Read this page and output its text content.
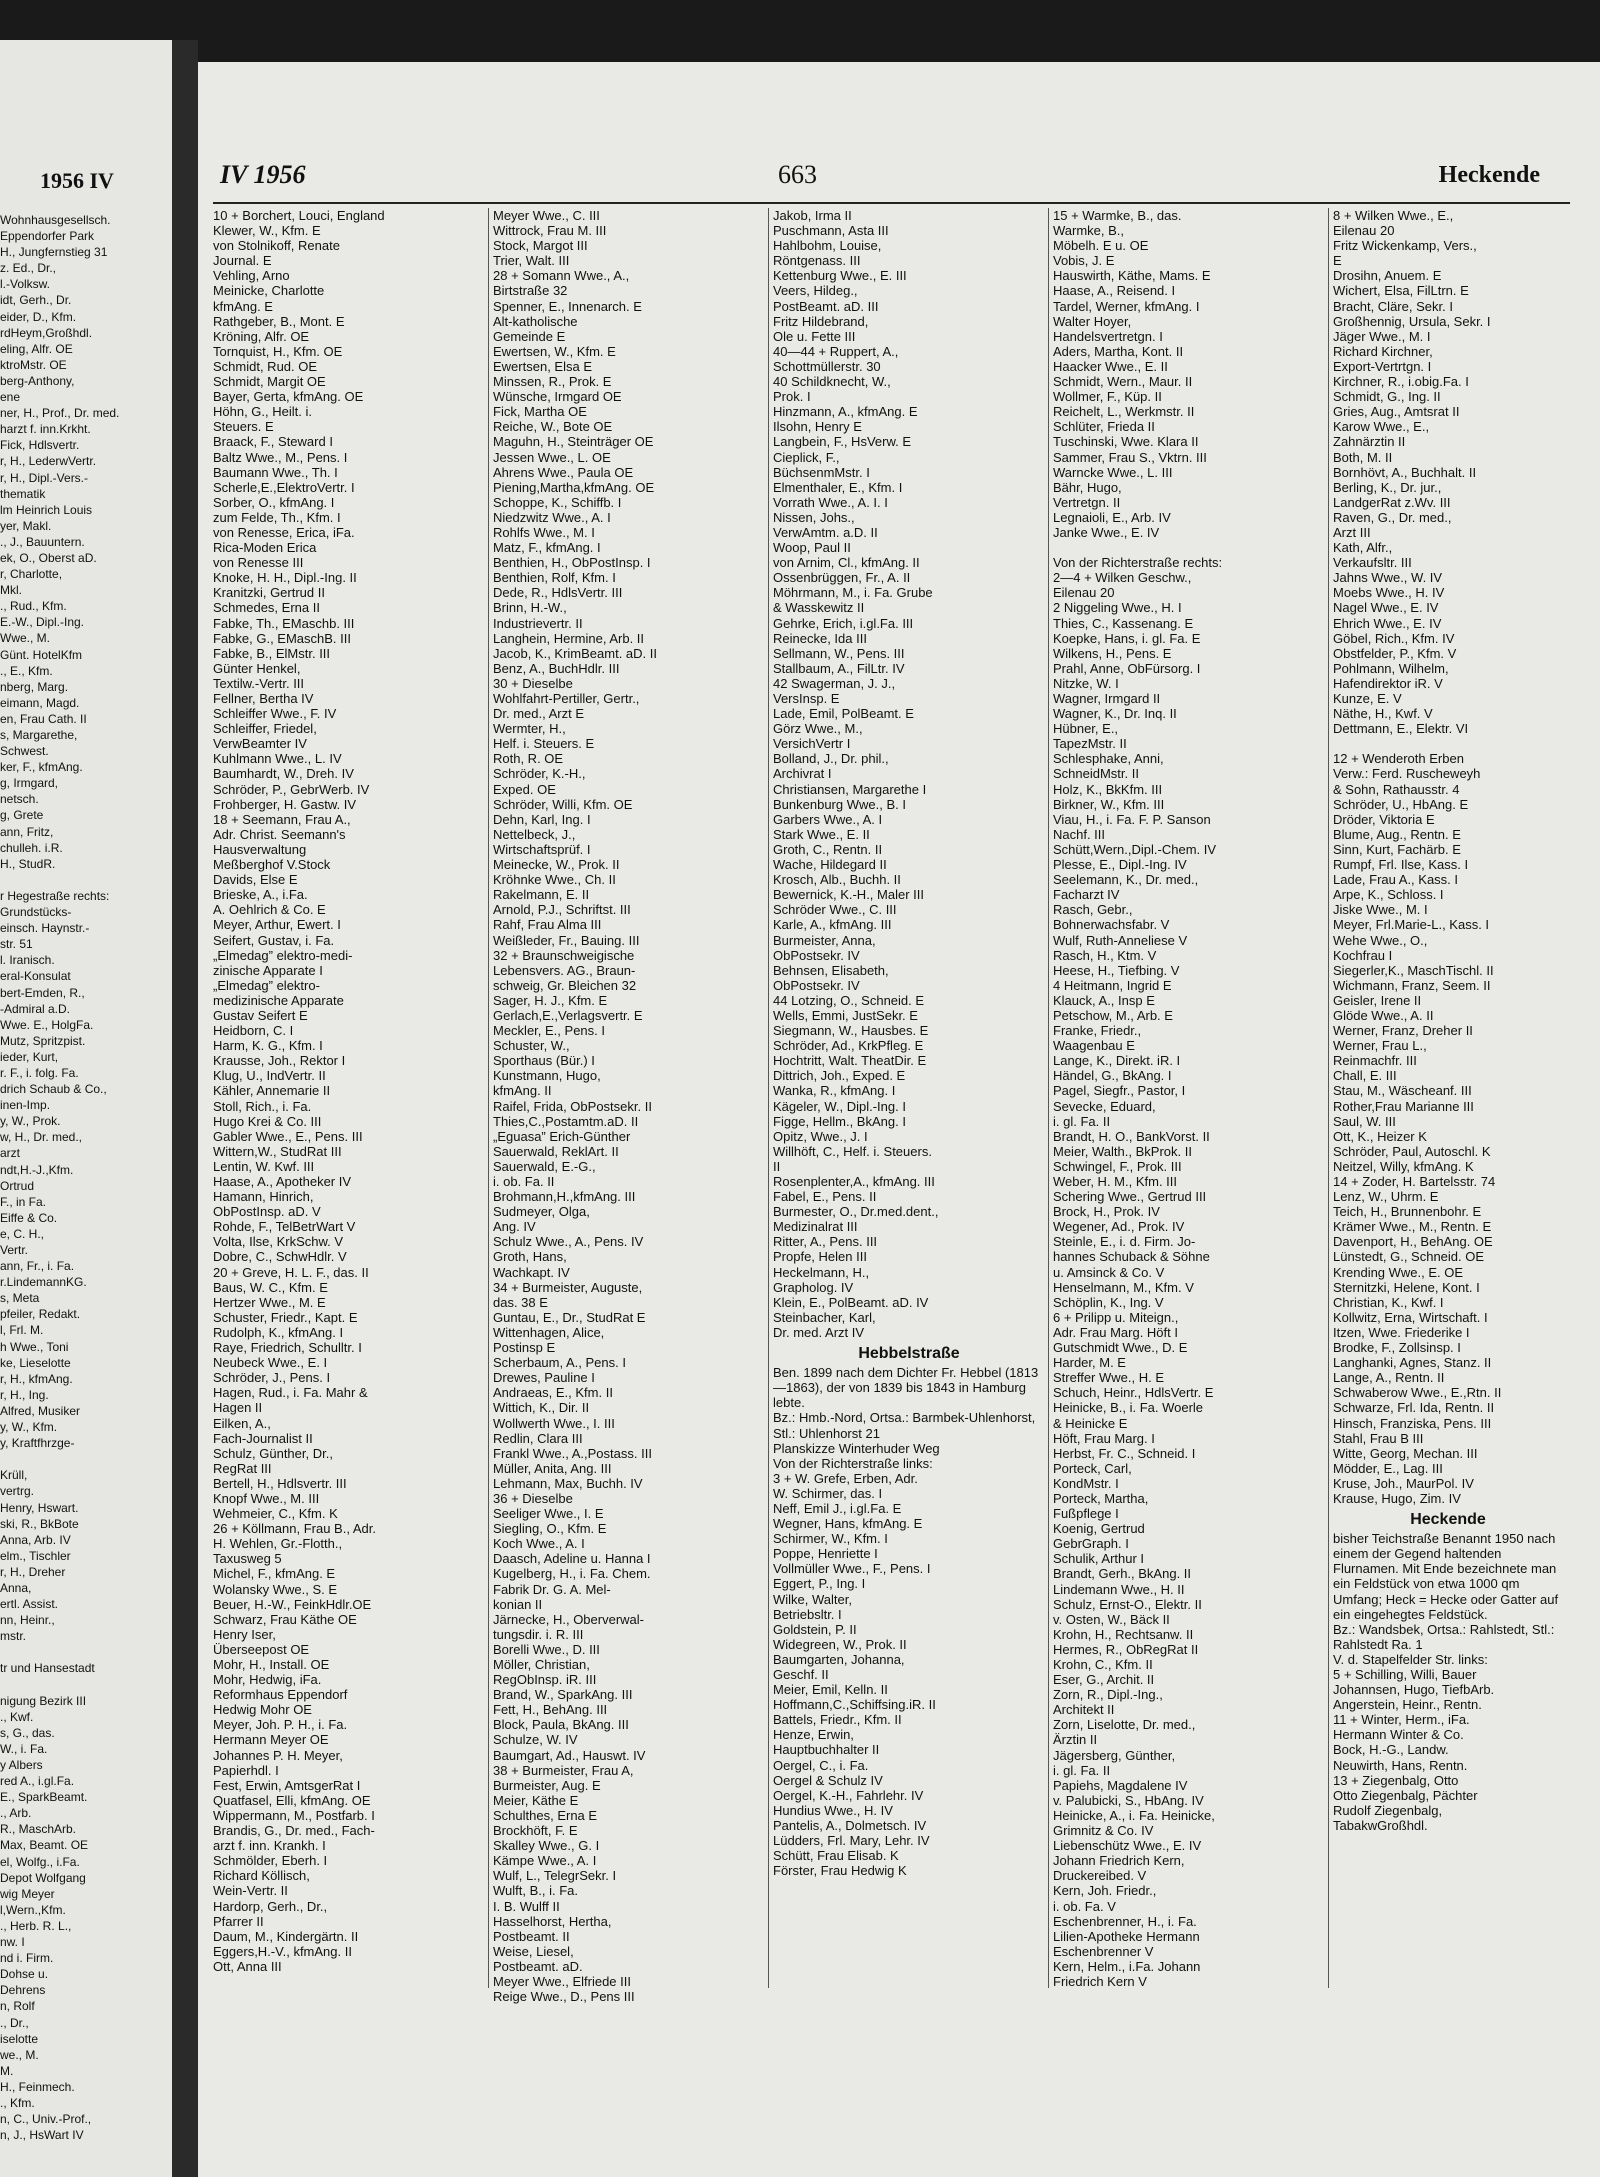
1956 IV
Wohnhausgesellsch.
Eppendorfer Park
H., Jungfernstieg 31
z. Ed., Dr.,
l.-Volksw.
idt, Gerh., Dr.
eider, D., Kfm.
rdHeym,Großhdl.
eling, Alfr. OE
ktroMstr. OE
berg-Anthony,
ene
ner, H., Prof., Dr. med.
harzt f. inn.Krkht.
Fick, Hdlsvertr.
r, H., LederwVertr.
r, H., Dipl.-Vers.-
thematik
lm Heinrich Louis
yer, Makl.
., J., Bauuntern.
ek, O., Oberst aD.
r, Charlotte,
Mkl.
., Rud., Kfm.
E.-W., Dipl.-Ing.
Wwe., M.
Günt. HotelKfm
., E., Kfm.
nberg, Marg.
eimann, Magd.
en, Frau Cath. II
s, Margarethe,
Schwest.
ker, F., kfmAng.
g, Irmgard,
netsch.
g, Grete
ann, Fritz,
chulleh. i.R.
H., StudR.

r Hegestraße rechts:
Grundstücks-
einsch. Haynstr.-
str. 51
l. Iranisch.
eral-Konsulat
bert-Emden, R.,
-Admiral a.D.
Wwe. E., HolgFa.
Mutz, Spritzpist.
ieder, Kurt,
r. F., i. folg. Fa.
drich Schaub & Co.,
inen-Imp.
y, W., Prok.
w, H., Dr. med.,
arzt
ndt,H.-J.,Kfm.
Ortrud
F., in Fa.
Eiffe & Co.
e, C. H.,
Vertr.
ann, Fr., i. Fa.
r.LindemannKG.
s, Meta
pfeiler, Redakt.
l, Frl. M.
h Wwe., Toni
ke, Lieselotte
r, H., kfmAng.
r, H., Ing.
Alfred, Musiker
y, W., Kfm.
y, Kraftfhrzge-

Krüll,
vertrg.
Henry, Hswart.
ski, R., BkBote
Anna, Arb. IV
elm., Tischler
r, H., Dreher
Anna,
ertl. Assist.
nn, Heinr.,
mstr.

tr und Hansestadt

nigung Bezirk III
., Kwf.
s, G., das.
W., i. Fa.
y Albers
red A., i.gl.Fa.
E., SparkBeamt.
., Arb.
R., MaschArb.
Max, Beamt. OE
el, Wolfg., i.Fa.
Depot Wolfgang
wig Meyer
l,Wern.,Kfm.
., Herb. R. L.,
nw. I
nd i. Firm.
Dohse u.
Dehrens
n, Rolf
., Dr.,
iselotte
we., M.
M.
H., Feinmech.
., Kfm.
n, C., Univ.-Prof.,
n, J., HsWart IV
IV 1956	663	Heckende
10 + Borchert, Louci, England
Klewer, W., Kfm. E
von Stolnikoff, Renate
Journal. E
Vehling, Arno
Meinicke, Charlotte
kfmAng. E
Rathgeber, B., Mont. E
Kröning, Alfr. OE
Tornquist, H., Kfm. OE
Schmidt, Rud. OE
Schmidt, Margit OE
Bayer, Gerta, kfmAng. OE
Höhn, G., Heilt. i.
Steuers. E
Braack, F., Steward I
Baltz Wwe., M., Pens. I
Baumann Wwe., Th. I
Scherle,E.,ElektroVertr. I
Sorber, O., kfmAng. I
zum Felde, Th., Kfm. I
von Renesse, Erica, iFa.
Rica-Moden Erica
von Renesse III
Knoke, H. H., Dipl.-Ing. II
Kranitzki, Gertrud II
Schmedes, Erna II
Fabke, Th., EMaschb. III
Fabke, G., EMaschB. III
Fabke, B., ElMstr. III
Günter Henkel,
Textilw.-Vertr. III
Fellner, Bertha IV
Schleiffer Wwe., F. IV
Schleiffer, Friedel,
VerwBeamter IV
Kuhlmann Wwe., L. IV
Baumhardt, W., Dreh. IV
Schröder, P., GebrWerb. IV
Frohberger, H. Gastw. IV
18 + Seemann, Frau A.,
Adr. Christ. Seemann's
Hausverwaltung
Meßberghof V.Stock
Davids, Else E
Brieske, A., i.Fa.
A. Oehlrich & Co. E
Meyer, Arthur, Ewert. I
Seifert, Gustav, i. Fa.
„Elmedag” elektro-medi-
zinische Apparate I
„Elmedag” elektro-
medizinische Apparate
Gustav Seifert E
Heidborn, C. I
Harm, K. G., Kfm. I
Krausse, Joh., Rektor I
Klug, U., IndVertr. II
Kähler, Annemarie II
Stoll, Rich., i. Fa.
Hugo Krei & Co. III
Gabler Wwe., E., Pens. III
Wittern,W., StudRat III
Lentin, W. Kwf. III
Haase, A., Apotheker IV
Hamann, Hinrich,
ObPostInsp. aD. V
Rohde, F., TelBetrWart V
Volta, Ilse, KrkSchw. V
Dobre, C., SchwHdlr. V
20 + Greve, H. L. F., das. II
Baus, W. C., Kfm. E
Hertzer Wwe., M. E
Schuster, Friedr., Kapt. E
Rudolph, K., kfmAng. I
Raye, Friedrich, Schulltr. I
Neubeck Wwe., E. I
Schröder, J., Pens. I
Hagen, Rud., i. Fa. Mahr &
Hagen II
Eilken, A.,
Fach-Journalist II
Schulz, Günther, Dr.,
RegRat III
Bertell, H., Hdlsvertr. III
Knopf Wwe., M. III
Wehmeier, C., Kfm. K
26 + Köllmann, Frau B., Adr.
H. Wehlen, Gr.-Flotth.,
Taxusweg 5
Michel, F., kfmAng. E
Wolansky Wwe., S. E
Beuer, H.-W., FeinkHdlr.OE
Schwarz, Frau Käthe OE
Henry Iser,
Überseepost OE
Mohr, H., Install. OE
Mohr, Hedwig, iFa.
Reformhaus Eppendorf
Hedwig Mohr OE
Meyer, Joh. P. H., i. Fa.
Hermann Meyer OE
Johannes P. H. Meyer,
Papierhdl. I
Fest, Erwin, AmtsgerRat I
Quatfasel, Elli, kfmAng. OE
Wippermann, M., Postfarb. I
Brandis, G., Dr. med., Fach-
arzt f. inn. Krankh. I
Schmölder, Eberh. I
Richard Köllisch,
Wein-Vertr. II
Hardorp, Gerh., Dr.,
Pfarrer II
Daum, M., Kindergärtn. II
Eggers,H.-V., kfmAng. II
Ott, Anna III
Meyer Wwe., C. III
Wittrock, Frau M. III
Stock, Margot III
Trier, Walt. III
28 + Somann Wwe., A.,
Birtstraße 32
Spenner, E., Innenarch. E
Alt-katholische
Gemeinde E
Ewertsen, W., Kfm. E
Ewertsen, Elsa E
Minssen, R., Prok. E
Wünsche, Irmgard OE
Fick, Martha OE
Reiche, W., Bote OE
Maguhn, H., Steinträger OE
Jessen Wwe., L. OE
Ahrens Wwe., Paula OE
Piening,Martha,kfmAng. OE
Schoppe, K., Schiffb. I
Niedzwitz Wwe., A. I
Rohlfs Wwe., M. I
Matz, F., kfmAng. I
Benthien, H., ObPostInsp. I
Benthien, Rolf, Kfm. I
Dede, R., HdlsVertr. III
Brinn, H.-W.,
Industrievertr. II
Langhein, Hermine, Arb. II
Jacob, K., KrimBeamt. aD. II
Benz, A., BuchHdlr. III
30 + Dieselbe
Wohlfahrt-Pertiller, Gertr.,
Dr. med., Arzt E
Wermter, H.,
Helf. i. Steuers. E
Roth, R. OE
Schröder, K.-H.,
Exped. OE
Schröder, Willi, Kfm. OE
Dehn, Karl, Ing. I
Nettelbeck, J.,
Wirtschaftsprüf. I
Meinecke, W., Prok. II
Kröhnke Wwe., Ch. II
Rakelmann, E. II
Arnold, P.J., Schriftst. III
Rahf, Frau Alma III
Weißleder, Fr., Bauing. III
32 + Braunschweigische
Lebensvers. AG., Braun-
schweig, Gr. Bleichen 32
Sager, H. J., Kfm. E
Gerlach,E.,Verlagsvertr. E
Meckler, E., Pens. I
Schuster, W.,
Sporthaus (Bür.) I
Kunstmann, Hugo,
kfmAng. II
Raifel, Frida, ObPostsekr. II
Thies,C.,Postamtm.aD. II
„Eguasa” Erich-Günther
Sauerwald, ReklArt. II
Sauerwald, E.-G.,
i. ob. Fa. II
Brohmann,H.,kfmAng. III
Sudmeyer, Olga,
Ang. IV
Schulz Wwe., A., Pens. IV
Groth, Hans,
Wachkapt. IV
34 + Burmeister, Auguste,
das. 38 E
Guntau, E., Dr., StudRat E
Wittenhagen, Alice,
Postinsp E
Scherbaum, A., Pens. I
Drewes, Pauline I
Andraeas, E., Kfm. II
Wittich, K., Dir. II
Wollwerth Wwe., I. III
Redlin, Clara III
Frankl Wwe., A.,Postass. III
Müller, Anita, Ang. III
Lehmann, Max, Buchh. IV
36 + Dieselbe
Seeliger Wwe., I. E
Siegling, O., Kfm. E
Koch Wwe., A. I
Daasch, Adeline u. Hanna I
Kugelberg, H., i. Fa. Chem.
Fabrik Dr. G. A. Mel-
konian II
Järnecke, H., Oberverwal-
tungsdir. i. R. III
Borelli Wwe., D. III
Möller, Christian,
RegObInsp. iR. III
Brand, W., SparkAng. III
Fett, H., BehAng. III
Block, Paula, BkAng. III
Schulze, W. IV
Baumgart, Ad., Hauswt. IV
38 + Burmeister, Frau A,
Burmeister, Aug. E
Meier, Käthe E
Schulthes, Erna E
Brockhöft, F. E
Skalley Wwe., G. I
Kämpe Wwe., A. I
Wulf, L., TelegrSekr. I
Wulft, B., i. Fa.
I. B. Wulff II
Hasselhorst, Hertha,
Postbeamt. II
Weise, Liesel,
Postbeamt. aD.
Meyer Wwe., Elfriede III
Reige Wwe., D., Pens III
Jakob, Irma II
Puschmann, Asta III
Hahlbohm, Louise,
Röntgenass. III
Kettenburg Wwe., E. III
Veers, Hildeg.,
PostBeamt. aD. III
Fritz Hildebrand,
Ole u. Fette III
40—44 + Ruppert, A.,
Schottmüllerstr. 30
40 Schildknecht, W.,
Prok. I
Hinzmann, A., kfmAng. E
Ilsohn, Henry E
Langbein, F., HsVerw. E
Cieplick, F.,
BüchsenmMstr. I
Elmenthaler, E., Kfm. I
Vorrath Wwe., A. I. I
Nissen, Johs.,
VerwAmtm. a.D. II
Woop, Paul II
von Arnim, Cl., kfmAng. II
Ossenbrüggen, Fr., A. II
Möhrmann, M., i. Fa. Grube
& Wasskewitz II
Gehrke, Erich, i.gl.Fa. III
Reinecke, Ida III
Sellmann, W., Pens. III
Stallbaum, A., FilLtr. IV
42 Swagerman, J. J.,
VersInsp. E
Lade, Emil, PolBeamt. E
Görz Wwe., M.,
VersichVertr I
Bolland, J., Dr. phil.,
Archivrat I
Christiansen, Margarethe I
Bunkenburg Wwe., B. I
Garbers Wwe., A. I
Stark Wwe., E. II
Groth, C., Rentn. II
Wache, Hildegard II
Krosch, Alb., Buchh. II
Bewernick, K.-H., Maler III
Schröder Wwe., C. III
Karle, A., kfmAng. III
Burmeister, Anna,
ObPostsekr. IV
Behnsen, Elisabeth,
ObPostsekr. IV
44 Lotzing, O., Schneid. E
Wells, Emmi, JustSekr. E
Siegmann, W., Hausbes. E
Schröder, Ad., KrkPfleg. E
Hochtritt, Walt. TheatDir. E
Dittrich, Joh., Exped. E
Wanka, R., kfmAng. I
Kägeler, W., Dipl.-Ing. I
Figge, Hellm., BkAng. I
Opitz, Wwe., J. I
Willhöft, C., Helf. i. Steuers.
II
Rosenplenter,A., kfmAng. III
Fabel, E., Pens. II
Burmester, O., Dr.med.dent.,
Medizinalrat III
Ritter, A., Pens. III
Propfe, Helen III
Heckelmann, H.,
Grapholog. IV
Klein, E., PolBeamt. aD. IV
Steinbacher, Karl,
Dr. med. Arzt IV
Hebbelstraße
Ben. 1899 nach dem Dichter Fr. Hebbel (1813—1863), der von 1839 bis 1843 in Hamburg lebte.
Bz.: Hmb.-Nord, Ortsa.: Barmbek-Uhlenhorst, Stl.: Uhlenhorst 21
Planskizze Winterhuder Weg
Von der Richterstraße links:
3 + W. Grefe, Erben, Adr.
W. Schirmer, das. I
Neff, Emil J., i.gl.Fa. E
Wegner, Hans, kfmAng. E
Schirmer, W., Kfm. I
Poppe, Henriette I
Vollmüller Wwe., F., Pens. I
Eggert, P., Ing. I
Wilke, Walter,
Betriebsltr. I
Goldstein, P. II
Widegreen, W., Prok. II
Baumgarten, Johanna,
Geschf. II
Meier, Emil, Kelln. II
Hoffmann,C.,Schiffsing.iR. II
Battels, Friedr., Kfm. II
Henze, Erwin,
Hauptbuchhalter II
Oergel, C., i. Fa.
Oergel & Schulz IV
Oergel, K.-H., Fahrlehr. IV
Hundius Wwe., H. IV
Pantelis, A., Dolmetsch. IV
Lüdders, Frl. Mary, Lehr. IV
Schütt, Frau Elisab. K
Förster, Frau Hedwig K
15 + Warmke, B., das.
Warmke, B.,
Möbelh. E u. OE
Vobis, J. E
Hauswirth, Käthe, Mams. E
Haase, A., Reisend. I
Tardel, Werner, kfmAng. I
Walter Hoyer,
Handelsvertretgn. I
Aders, Martha, Kont. II
Haacker Wwe., E. II
Schmidt, Wern., Maur. II
Wollmer, F., Küp. II
Reichelt, L., Werkmstr. II
Schlüter, Frieda II
Tuschinski, Wwe. Klara II
Sammer, Frau S., Vktrn. III
Warncke Wwe., L. III
Bähr, Hugo,
Vertretgn. II
Legnaioli, E., Arb. IV
Janke Wwe., E. IV

Von der Richterstraße rechts:
2—4 + Wilken Geschw.,
Eilenau 20
2 Niggeling Wwe., H. I
Thies, C., Kassenang. E
Koepke, Hans, i. gl. Fa. E
Wilkens, H., Pens. E
Prahl, Anne, ObFürsorg. I
Nitzke, W. I
Wagner, Irmgard II
Wagner, K., Dr. Inq. II
Hübner, E.,
TapezMstr. II
Schlesphake, Anni,
SchneidMstr. II
Holz, K., BkKfm. III
Birkner, W., Kfm. III
Viau, H., i. Fa. F. P. Sanson
Nachf. III
Schütt,Wern.,Dipl.-Chem. IV
Plesse, E., Dipl.-Ing. IV
Seelemann, K., Dr. med.,
Facharzt IV
Rasch, Gebr.,
Bohnerwachsfabr. V
Wulf, Ruth-Anneliese V
Rasch, H., Ktm. V
Heese, H., Tiefbing. V
4 Heitmann, Ingrid E
Klauck, A., Insp E
Petschow, M., Arb. E
Franke, Friedr.,
Waagenbau E
Lange, K., Direkt. iR. I
Händel, G., BkAng. I
Pagel, Siegfr., Pastor, I
Sevecke, Eduard,
i. gl. Fa. II
Brandt, H. O., BankVorst. II
Meier, Walth., BkProk. II
Schwingel, F., Prok. III
Weber, H. M., Kfm. III
Schering Wwe., Gertrud III
Brock, H., Prok. IV
Wegener, Ad., Prok. IV
Steinle, E., i. d. Firm. Jo-
hannes Schuback & Söhne
u. Amsinck & Co. V
Henselmann, M., Kfm. V
Schöplin, K., Ing. V
6 + Prilipp u. Miteign.,
Adr. Frau Marg. Höft I
Gutschmidt Wwe., D. E
Harder, M. E
Streffer Wwe., H. E
Schuch, Heinr., HdlsVertr. E
Heinicke, B., i. Fa. Woerle
& Heinicke E
Höft, Frau Marg. I
Herbst, Fr. C., Schneid. I
Porteck, Carl,
KondMstr. I
Porteck, Martha,
Fußpflege I
Koenig, Gertrud
GebrGraph. I
Schulik, Arthur I
Brandt, Gerh., BkAng. II
Lindemann Wwe., H. II
Schulz, Ernst-O., Elektr. II
v. Osten, W., Bäck II
Krohn, H., Rechtsanw. II
Hermes, R., ObRegRat II
Krohn, C., Kfm. II
Eser, G., Archit. II
Zorn, R., Dipl.-Ing.,
Architekt II
Zorn, Liselotte, Dr. med.,
Ärztin II
Jägersberg, Günther,
i. gl. Fa. II
Papiehs, Magdalene IV
v. Palubicki, S., HbAng. IV
Heinicke, A., i. Fa. Heinicke,
Grimnitz & Co. IV
Liebenschütz Wwe., E. IV
Johann Friedrich Kern,
Druckereibed. V
Kern, Joh. Friedr.,
i. ob. Fa. V
Eschenbrenner, H., i. Fa.
Lilien-Apotheke Hermann
Eschenbrenner V
Kern, Helm., i.Fa. Johann
Friedrich Kern V
8 + Wilken Wwe., E.,
Eilenau 20
Fritz Wickenkamp, Vers.,
E
Drosihn, Anuem. E
Wichert, Elsa, FilLtrn. E
Bracht, Cläre, Sekr. I
Großhennig, Ursula, Sekr. I
Jäger Wwe., M. I
Richard Kirchner,
Export-Vertrtgn. I
Kirchner, R., i.obig.Fa. I
Schmidt, G., Ing. II
Gries, Aug., Amtsrat II
Karow Wwe., E.,
Zahnärztin II
Both, M. II
Bornhövt, A., Buchhalt. II
Berling, K., Dr. jur.,
LandgerRat z.Wv. III
Raven, G., Dr. med.,
Arzt III
Kath, Alfr.,
Verkaufsltr. III
Jahns Wwe., W. IV
Moebs Wwe., H. IV
Nagel Wwe., E. IV
Ehrich Wwe., E. IV
Göbel, Rich., Kfm. IV
Obstfelder, P., Kfm. V
Pohlmann, Wilhelm,
Hafendirektor iR. V
Kunze, E. V
Näthe, H., Kwf. V
Dettmann, E., Elektr. VI

12 + Wenderoth Erben
Verw.: Ferd. Ruscheweyh
& Sohn, Rathausstr. 4
Schröder, U., HbAng. E
Dröder, Viktoria E
Blume, Aug., Rentn. E
Sinn, Kurt, Fachärb. E
Rumpf, Frl. Ilse, Kass. I
Lade, Frau A., Kass. I
Arpe, K., Schloss. I
Jiske Wwe., M. I
Meyer, Frl.Marie-L., Kass. I
Wehe Wwe., O.,
Kochfrau I
Siegerler,K., MaschTischl. II
Wichmann, Franz, Seem. II
Geisler, Irene II
Glöde Wwe., A. II
Werner, Franz, Dreher II
Werner, Frau L.,
Reinmachfr. III
Chall, E. III
Stau, M., Wäscheanf. III
Rother,Frau Marianne III
Saul, W. III
Ott, K., Heizer K
Schröder, Paul, Autoschl. K
Neitzel, Willy, kfmAng. K
14 + Zoder, H. Bartelsstr. 74
Lenz, W., Uhrm. E
Teich, H., Brunnenbohr. E
Krämer Wwe., M., Rentn. E
Davenport, H., BehAng. OE
Lünstedt, G., Schneid. OE
Krending Wwe., E. OE
Sternitzki, Helene, Kont. I
Christian, K., Kwf. I
Kollwitz, Erna, Wirtschaft. I
Itzen, Wwe. Friederike I
Brodke, F., Zollsinsp. I
Langhanki, Agnes, Stanz. II
Lange, A., Rentn. II
Schwaberow Wwe., E.,Rtn. II
Schwarze, Frl. Ida, Rentn. II
Hinsch, Franziska, Pens. III
Stahl, Frau B III
Witte, Georg, Mechan. III
Mödder, E., Lag. III
Kruse, Joh., MaurPol. IV
Krause, Hugo, Zim. IV
Heckende
bisher Teichstraße Benannt 1950 nach einem der Gegend haltenden Flurnamen. Mit Ende bezeichnete man ein Feldstück von etwa 1000 qm Umfang; Heck = Hecke oder Gatter auf ein eingehegtes Feldstück.
Bz.: Wandsbek, Ortsa.: Rahlstedt, Stl.: Rahlstedt Ra. 1
V. d. Stapelfelder Str. links:
5 + Schilling, Willi, Bauer
Johannsen, Hugo, TiefbArb.
Angerstein, Heinr., Rentn.
11 + Winter, Herm., iFa.
Hermann Winter & Co.
Bock, H.-G., Landw.
Neuwirth, Hans, Rentn.
13 + Ziegenbalg, Otto
Otto Ziegenbalg, Pächter
Rudolf Ziegenbalg,
TabakwGroßhdl.
